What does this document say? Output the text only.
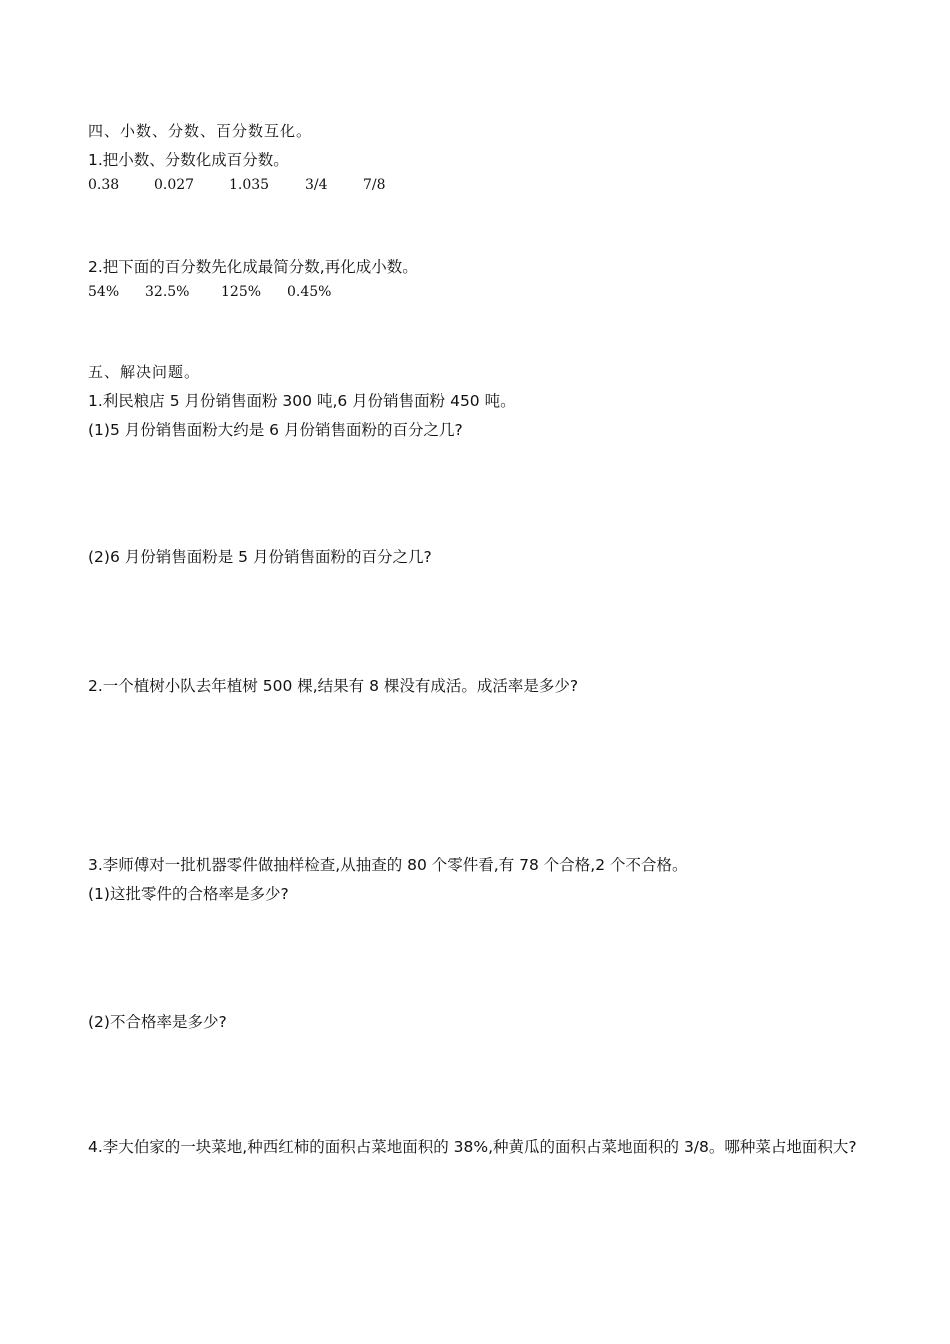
四、小数、分数、百分数互化。
1.把小数、分数化成百分数。
0.38	0.027	1.035	3/4	7/8
2.把下面的百分数先化成最简分数,再化成小数。
54%	32.5%	125%	0.45%
五、解决问题。
1.利民粮店 5 月份销售面粉 300 吨,6 月份销售面粉 450 吨。
(1)5 月份销售面粉大约是 6 月份销售面粉的百分之几?
(2)6 月份销售面粉是 5 月份销售面粉的百分之几?
2.一个植树小队去年植树 500 棵,结果有 8 棵没有成活。成活率是多少?
3.李师傅对一批机器零件做抽样检查,从抽查的 80 个零件看,有 78 个合格,2 个不合格。
(1)这批零件的合格率是多少?
(2)不合格率是多少?
4.李大伯家的一块菜地,种西红柿的面积占菜地面积的 38%,种黄瓜的面积占菜地面积的 3/8。哪种菜占地面积大?
